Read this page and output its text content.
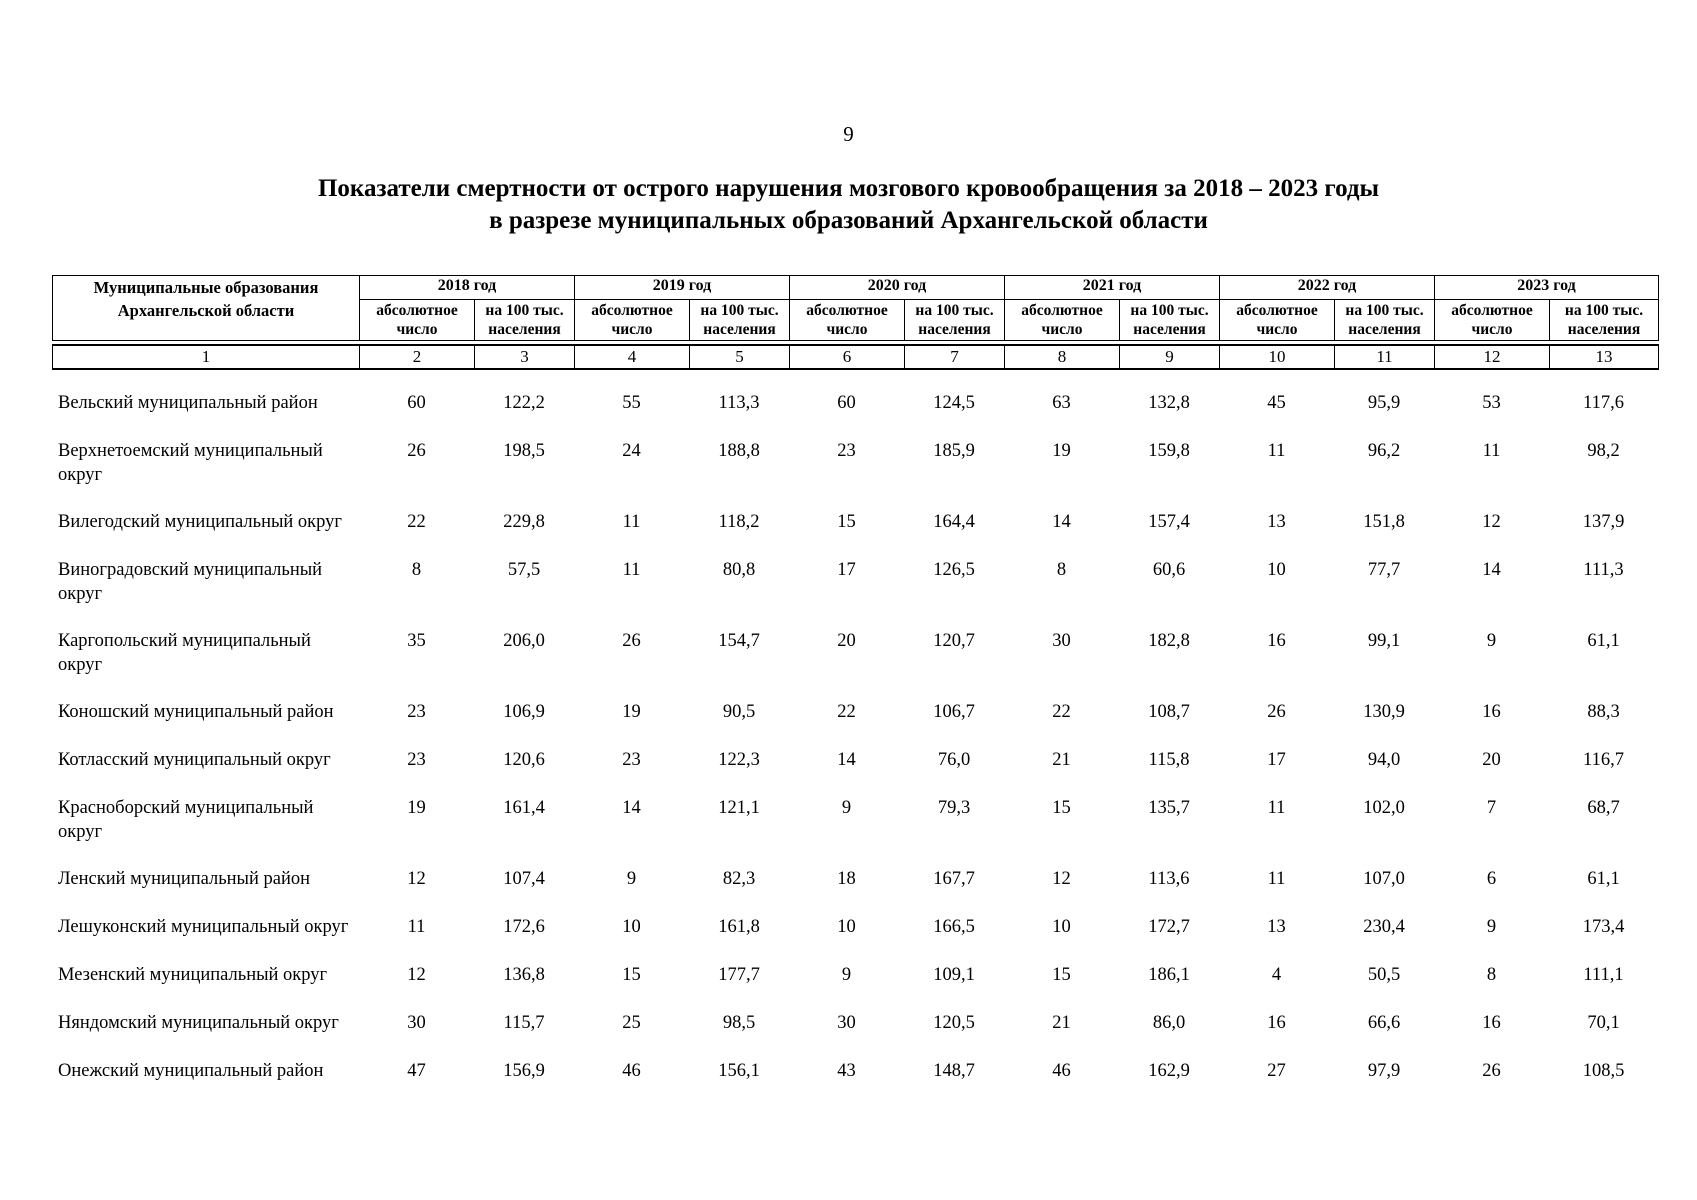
9
Показатели смертности от острого нарушения мозгового кровообращения за 2018 – 2023 годы
в разрезе муниципальных образований Архангельской области
Муниципальные образования Архангельской области	2018 год		2019 год		2020 год		2021 год		2022 год		2023 год	
	абсолютное число	на 100 тыс. населения	абсолютное число	на 100 тыс. населения	абсолютное число	на 100 тыс. населения	абсолютное число	на 100 тыс. населения	абсолютное число	на 100 тыс. населения	абсолютное число	на 100 тыс. населения
1	2	3	4	5	6	7	8	9	10	11	12	13
Вельский муниципальный район	60	122,2	55	113,3	60	124,5	63	132,8	45	95,9	53	117,6
Верхнетоемский муниципальный округ	26	198,5	24	188,8	23	185,9	19	159,8	11	96,2	11	98,2
Вилегодский муниципальный округ	22	229,8	11	118,2	15	164,4	14	157,4	13	151,8	12	137,9
Виноградовский муниципальный округ	8	57,5	11	80,8	17	126,5	8	60,6	10	77,7	14	111,3
Каргопольский муниципальный округ	35	206,0	26	154,7	20	120,7	30	182,8	16	99,1	9	61,1
Коношский муниципальный район	23	106,9	19	90,5	22	106,7	22	108,7	26	130,9	16	88,3
Котласский муниципальный округ	23	120,6	23	122,3	14	76,0	21	115,8	17	94,0	20	116,7
Красноборский муниципальный округ	19	161,4	14	121,1	9	79,3	15	135,7	11	102,0	7	68,7
Ленский муниципальный район	12	107,4	9	82,3	18	167,7	12	113,6	11	107,0	6	61,1
Лешуконский муниципальный округ	11	172,6	10	161,8	10	166,5	10	172,7	13	230,4	9	173,4
Мезенский муниципальный округ	12	136,8	15	177,7	9	109,1	15	186,1	4	50,5	8	111,1
Няндомский муниципальный округ	30	115,7	25	98,5	30	120,5	21	86,0	16	66,6	16	70,1
Онежский муниципальный район	47	156,9	46	156,1	43	148,7	46	162,9	27	97,9	26	108,5
